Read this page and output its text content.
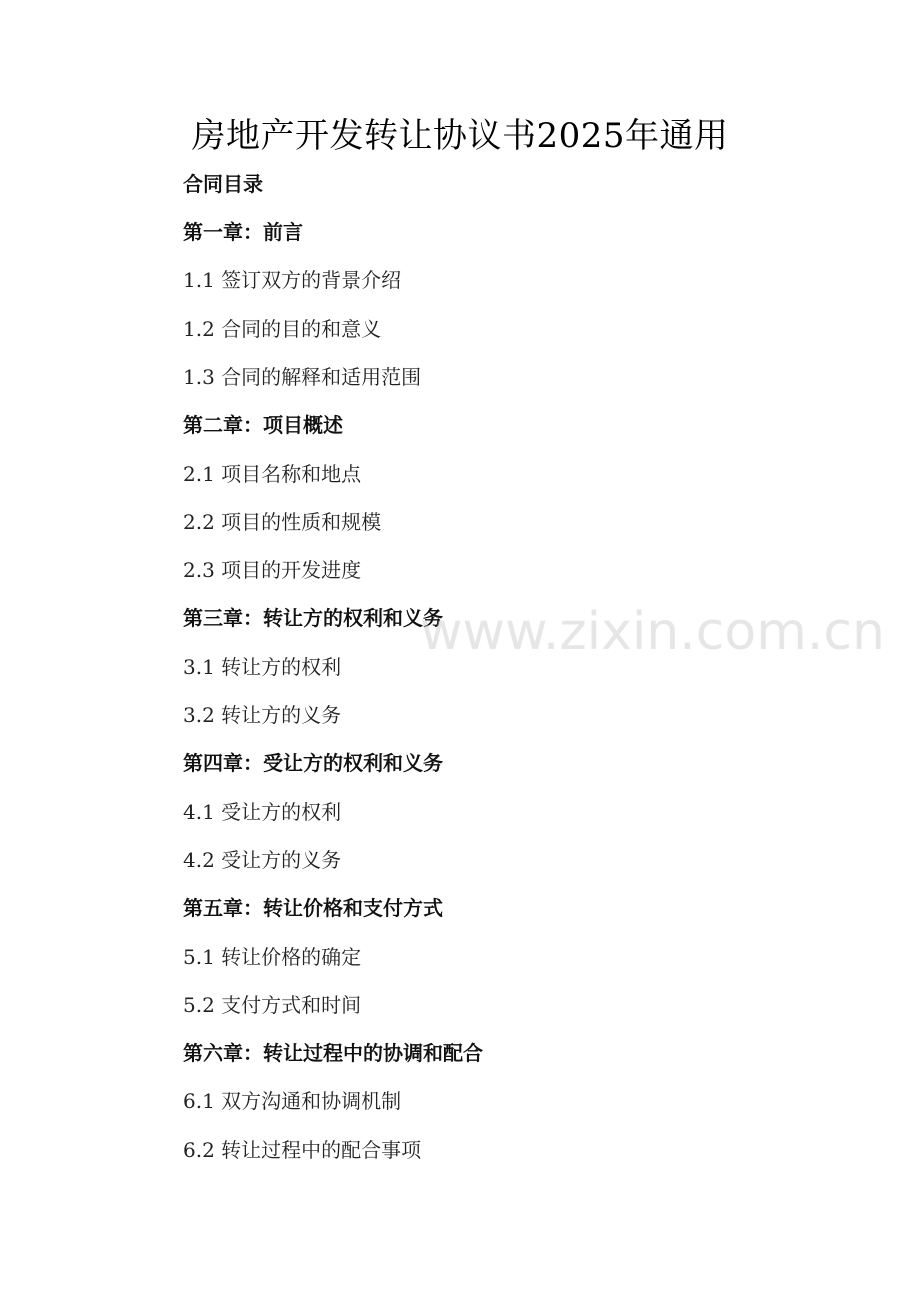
房地产开发转让协议书2025年通用
合同目录
第一章：前言
1.1 签订双方的背景介绍
1.2 合同的目的和意义
1.3 合同的解释和适用范围
第二章：项目概述
2.1 项目名称和地点
2.2 项目的性质和规模
2.3 项目的开发进度
第三章：转让方的权利和义务
3.1 转让方的权利
3.2 转让方的义务
第四章：受让方的权利和义务
4.1 受让方的权利
4.2 受让方的义务
第五章：转让价格和支付方式
5.1 转让价格的确定
5.2 支付方式和时间
第六章：转让过程中的协调和配合
6.1 双方沟通和协调机制
6.2 转让过程中的配合事项
www.zixin.com.cn
